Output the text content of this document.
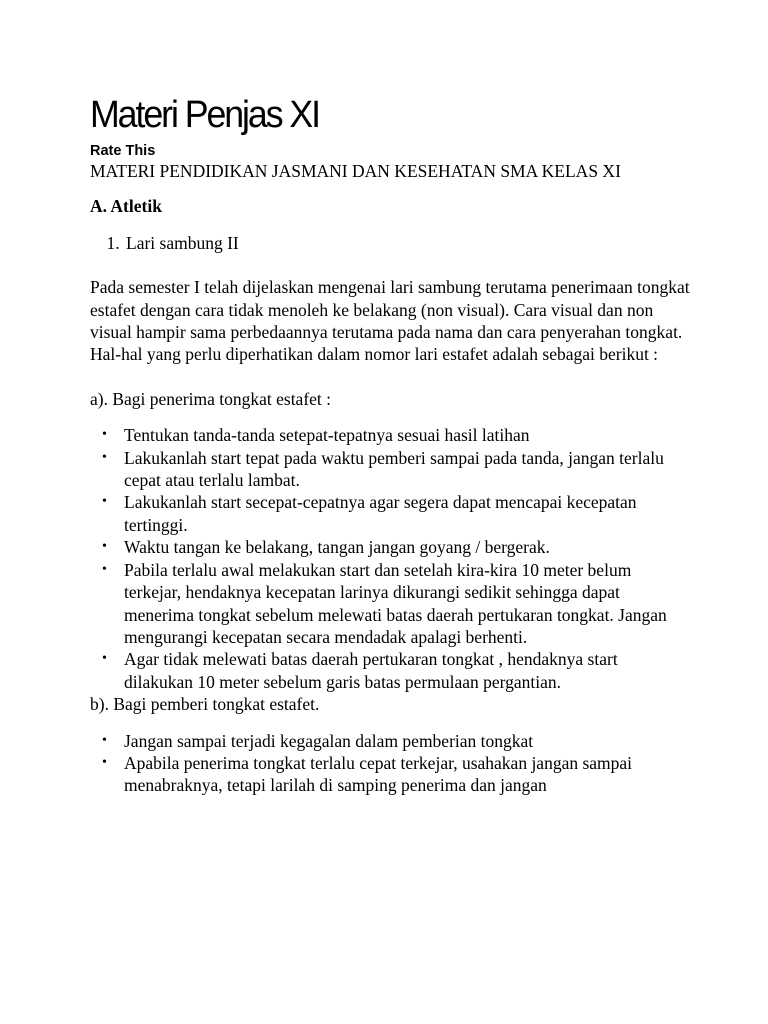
Materi Penjas XI
Rate This

MATERI PENDIDIKAN JASMANI DAN KESEHATAN SMA KELAS XI

A. Atletik

1. Lari sambung II

Pada semester I telah dijelaskan mengenai lari sambung terutama penerimaan tongkat estafet dengan cara tidak menoleh ke belakang (non visual). Cara visual dan non visual hampir sama perbedaannya terutama pada nama dan cara penyerahan tongkat.

Hal-hal yang perlu diperhatikan dalam nomor lari estafet adalah sebagai berikut :

a). Bagi penerima tongkat estafet :

• Tentukan tanda-tanda setepat-tepatnya sesuai hasil latihan
• Lakukanlah start tepat pada waktu pemberi sampai pada tanda, jangan terlalu cepat atau terlalu lambat.
• Lakukanlah start secepat-cepatnya agar segera dapat mencapai kecepatan tertinggi.
• Waktu tangan ke belakang, tangan jangan goyang / bergerak.
• Pabila terlalu awal melakukan start dan setelah kira-kira 10 meter belum terkejar, hendaknya kecepatan larinya dikurangi sedikit sehingga dapat menerima tongkat sebelum melewati batas daerah pertukaran tongkat. Jangan mengurangi kecepatan secara mendadak apalagi berhenti.
• Agar tidak melewati batas daerah pertukaran tongkat , hendaknya start dilakukan 10 meter sebelum garis batas permulaan pergantian.

b). Bagi pemberi tongkat estafet.

• Jangan sampai terjadi kegagalan dalam pemberian tongkat
• Apabila penerima tongkat terlalu cepat terkejar, usahakan jangan sampai menabraknya, tetapi larilah di samping penerima dan jangan
